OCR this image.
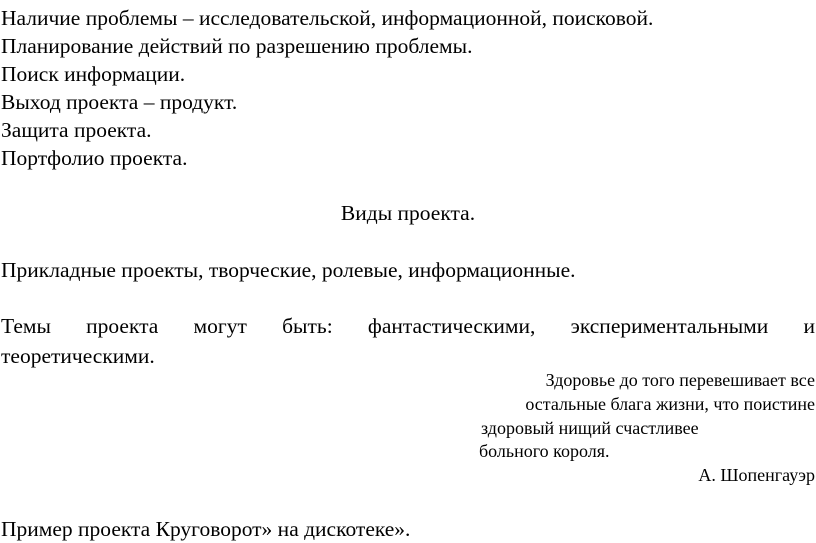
Наличие проблемы – исследовательской, информационной, поисковой.
Планирование действий по разрешению проблемы.
Поиск информации.
Выход проекта – продукт.
Защита проекта.
Портфолио проекта.
Виды проекта.
Прикладные проекты, творческие, ролевые, информационные.
Темы проекта могут быть: фантастическими, экспериментальными и
теоретическими.
Здоровье до того перевешивает все
остальные блага жизни, что поистине
здоровый нищий счастливее
больного короля.
А. Шопенгауэр
Пример проекта Круговорот» на дискотеке».
